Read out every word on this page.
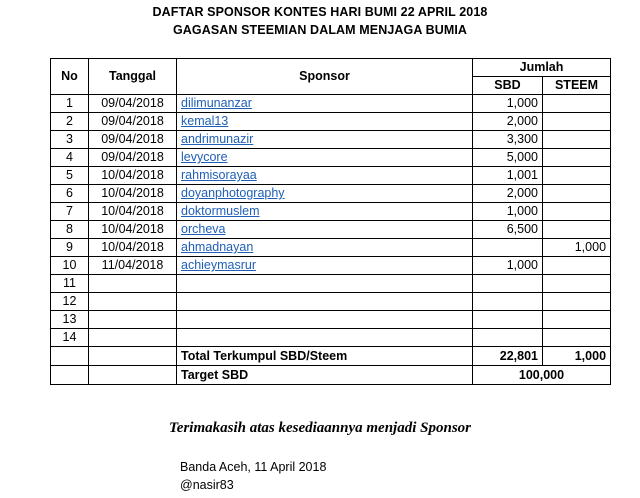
DAFTAR SPONSOR KONTES HARI BUMI 22 APRIL 2018
GAGASAN STEEMIAN DALAM MENJAGA BUMIA
No	Tanggal	Sponsor	Jumlah	
			SBD	STEEM
1	09/04/2018	dilimunanzar	1,000	
2	09/04/2018	kemal13	2,000	
3	09/04/2018	andrimunazir	3,300	
4	09/04/2018	levycore	5,000	
5	10/04/2018	rahmisorayaa	1,001	
6	10/04/2018	doyanphotography	2,000	
7	10/04/2018	doktormuslem	1,000	
8	10/04/2018	orcheva	6,500	
9	10/04/2018	ahmadnayan		1,000
10	11/04/2018	achieymasrur	1,000	
11				
12				
13				
14				
		Total Terkumpul SBD/Steem	22,801	1,000
		Target SBD	100,000	
Terimakasih atas kesediaannya menjadi Sponsor
Banda Aceh, 11 April 2018
@nasir83
